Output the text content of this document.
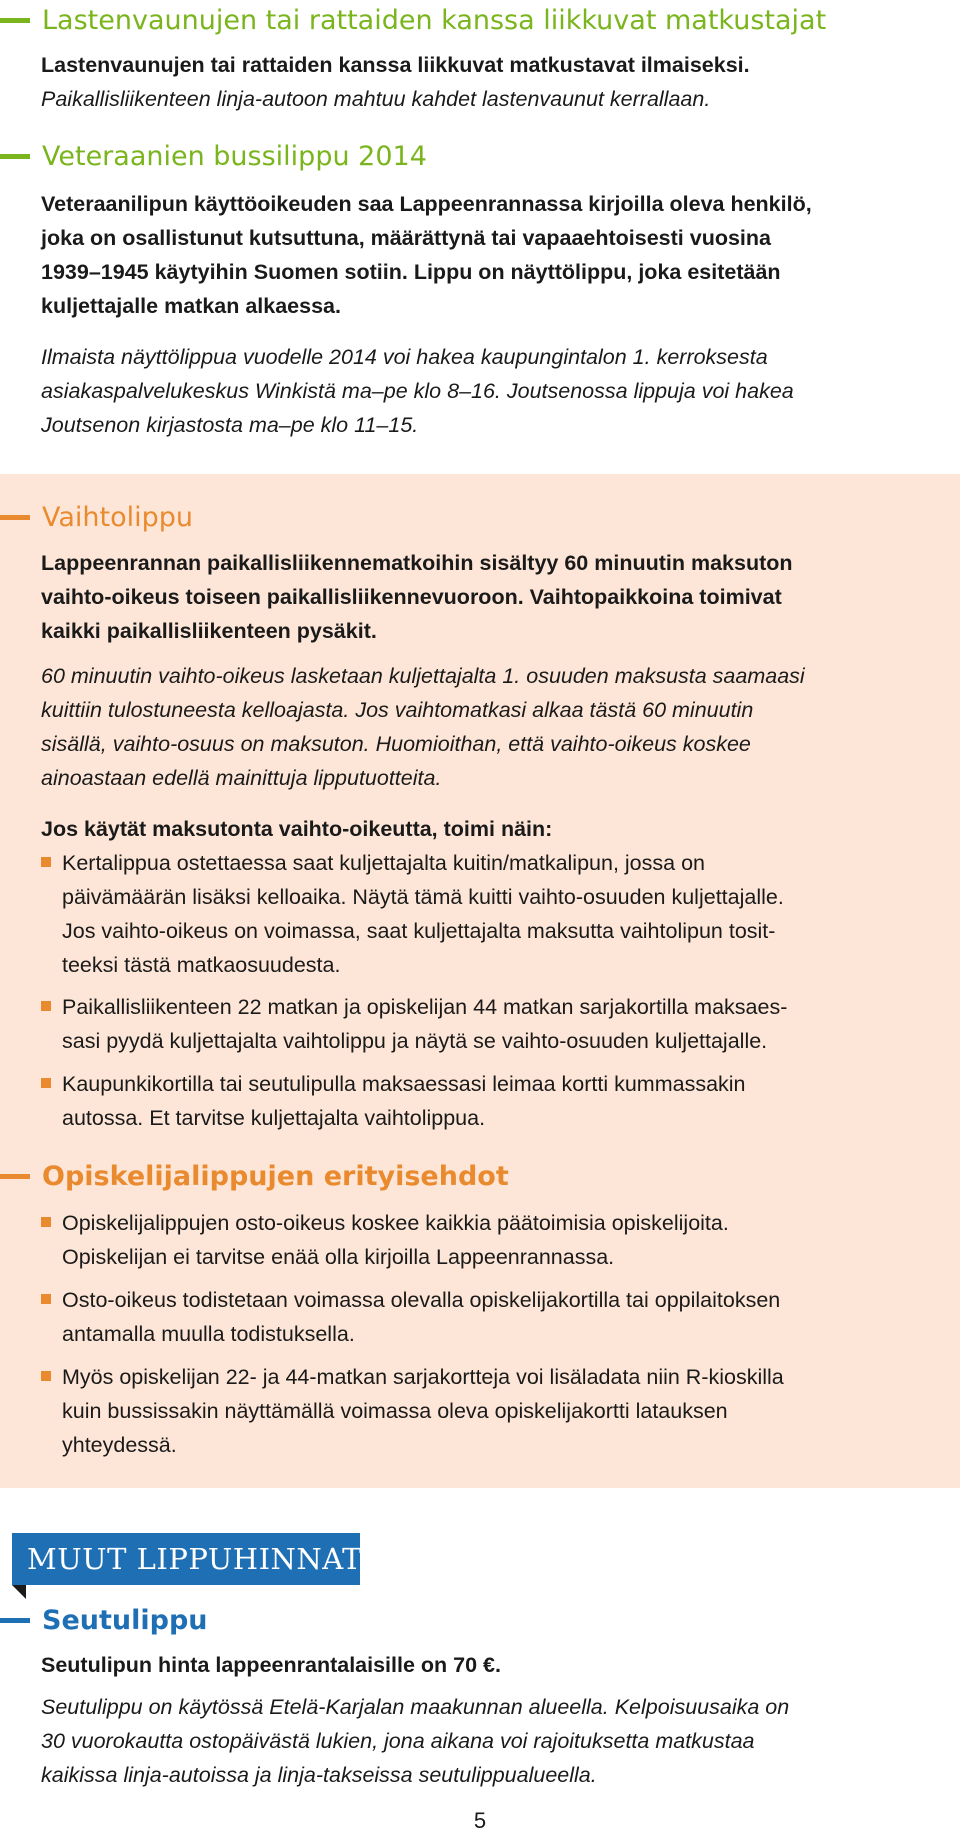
Lastenvaunujen tai rattaiden kanssa liikkuvat matkustajat

Lastenvaunujen tai rattaiden kanssa liikkuvat matkustavat ilmaiseksi.

Paikallisliikenteen linja-autoon mahtuu kahdet lastenvaunut kerrallaan.

Veteraanien bussilippu 2014

Veteraanilipun käyttöoikeuden saa Lappeenrannassa kirjoilla oleva henkilö,

joka on osallistunut kutsuttuna, määrättynä tai vapaaehtoisesti vuosina

1939–1945 käytyihin Suomen sotiin. Lippu on näyttölippu, joka esitetään

kuljettajalle matkan alkaessa.

Ilmaista näyttölippua vuodelle 2014 voi hakea kaupungintalon 1. kerroksesta

asiakaspalvelukeskus Winkistä ma–pe klo 8–16. Joutsenossa lippuja voi hakea

Joutsenon kirjastosta ma–pe klo 11–15.

Vaihtolippu

Lappeenrannan paikallisliikennematkoihin sisältyy 60 minuutin maksuton

vaihto-oikeus toiseen paikallisliikennevuoroon. Vaihtopaikkoina toimivat

kaikki paikallisliikenteen pysäkit.

60 minuutin vaihto-oikeus lasketaan kuljettajalta 1. osuuden maksusta saamaasi

kuittiin tulostuneesta kelloajasta. Jos vaihtomatkasi alkaa tästä 60 minuutin

sisällä, vaihto-osuus on maksuton. Huomioithan, että vaihto-oikeus koskee

ainoastaan edellä mainittuja lipputuotteita.

Jos käytät maksutonta vaihto-oikeutta, toimi näin:

Kertalippua ostettaessa saat kuljettajalta kuitin/matkalipun, jossa on

päivämäärän lisäksi kelloaika. Näytä tämä kuitti vaihto-osuuden kuljettajalle.

Jos vaihto-oikeus on voimassa, saat kuljettajalta maksutta vaihtolipun tosit-

teeksi tästä matkaosuudesta.

Paikallisliikenteen 22 matkan ja opiskelijan 44 matkan sarjakortilla maksaes-

sasi pyydä kuljettajalta vaihtolippu ja näytä se vaihto-osuuden kuljettajalle.

Kaupunkikortilla tai seutulipulla maksaessasi leimaa kortti kummassakin

autossa. Et tarvitse kuljettajalta vaihtolippua.

Opiskelijalippujen erityisehdot

Opiskelijalippujen osto-oikeus koskee kaikkia päätoimisia opiskelijoita.

Opiskelijan ei tarvitse enää olla kirjoilla Lappeenrannassa.

Osto-oikeus todistetaan voimassa olevalla opiskelijakortilla tai oppilaitoksen

antamalla muulla todistuksella.

Myös opiskelijan 22- ja 44-matkan sarjakortteja voi lisäladata niin R-kioskilla

kuin bussissakin näyttämällä voimassa oleva opiskelijakortti latauksen

yhteydessä.

MUUT LIPPUHINNAT
Seutulippu

Seutulipun hinta lappeenrantalaisille on 70 €.

Seutulippu on käytössä Etelä-Karjalan maakunnan alueella. Kelpoisuusaika on

30 vuorokautta ostopäivästä lukien, jona aikana voi rajoituksetta matkustaa

kaikissa linja-autoissa ja linja-takseissa seutulippualueella.

5
